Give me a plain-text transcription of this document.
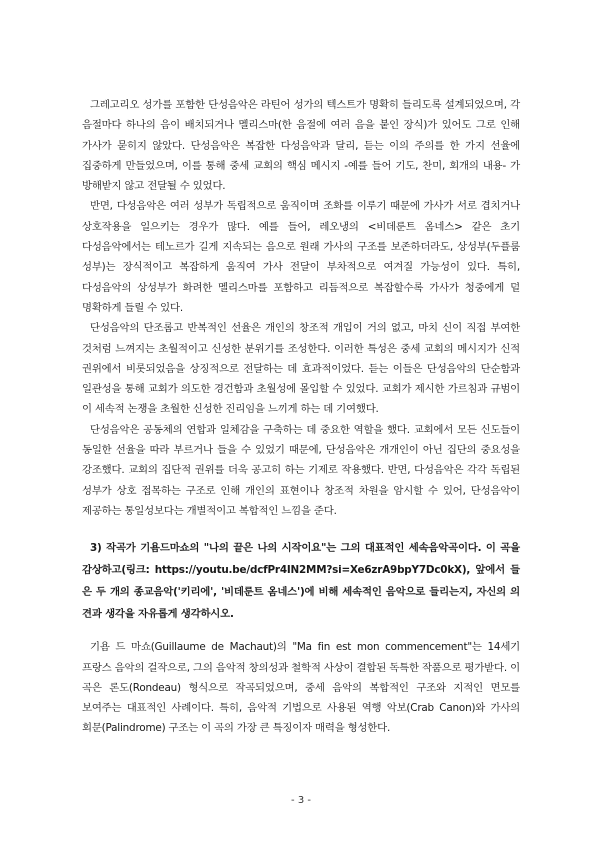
그레고리오 성가를 포함한 단성음악은 라틴어 성가의 텍스트가 명확히 들리도록 설계되었으며, 각 음절마다 하나의 음이 배치되거나 멜리스마(한 음절에 여러 음을 붙인 장식)가 있어도 그로 인해 가사가 묻히지 않았다. 단성음악은 복잡한 다성음악과 달리, 듣는 이의 주의를 한 가지 선율에 집중하게 만들었으며, 이를 통해 중세 교회의 핵심 메시지 -예를 들어 기도, 찬미, 회개의 내용- 가 방해받지 않고 전달될 수 있었다.

반면, 다성음악은 여러 성부가 독립적으로 움직이며 조화를 이루기 때문에 가사가 서로 겹치거나 상호작용을 일으키는 경우가 많다. 예를 들어, 레오냉의 <비데룬트 옴네스> 같은 초기 다성음악에서는 테노르가 길게 지속되는 음으로 원래 가사의 구조를 보존하더라도, 상성부(두플룸 성부)는 장식적이고 복잡하게 움직여 가사 전달이 부차적으로 여겨질 가능성이 있다. 특히, 다성음악의 상성부가 화려한 멜리스마를 포함하고 리듬적으로 복잡할수록 가사가 청중에게 덜 명확하게 들릴 수 있다.

단성음악의 단조롭고 반복적인 선율은 개인의 창조적 개입이 거의 없고, 마치 신이 직접 부여한 것처럼 느껴지는 초월적이고 신성한 분위기를 조성한다. 이러한 특성은 중세 교회의 메시지가 신적 권위에서 비롯되었음을 상징적으로 전달하는 데 효과적이었다. 듣는 이들은 단성음악의 단순함과 일관성을 통해 교회가 의도한 경건함과 초월성에 몰입할 수 있었다. 교회가 제시한 가르침과 규범이 이 세속적 논쟁을 초월한 신성한 진리임을 느끼게 하는 데 기여했다.

단성음악은 공동체의 연합과 일체감을 구축하는 데 중요한 역할을 했다. 교회에서 모든 신도들이 동일한 선율을 따라 부르거나 들을 수 있었기 때문에, 단성음악은 개개인이 아닌 집단의 중요성을 강조했다. 교회의 집단적 권위를 더욱 공고히 하는 기제로 작용했다. 반면, 다성음악은 각각 독립된 성부가 상호 접목하는 구조로 인해 개인의 표현이나 창조적 차원을 암시할 수 있어, 단성음악이 제공하는 통일성보다는 개별적이고 복합적인 느낌을 준다.

3) 작곡가 기욤드마쇼의 "나의 끝은 나의 시작이요"는 그의 대표적인 세속음악곡이다. 이 곡을 감상하고(링크: https://youtu.be/dcfPr4IN2MM?si=Xe6zrA9bpY7Dc0kX), 앞에서 들은 두 개의 종교음악('키리에', '비데룬트 옴네스')에 비해 세속적인 음악으로 들리는지, 자신의 의견과 생각을 자유롭게 생각하시오.

기욤 드 마쇼(Guillaume de Machaut)의 "Ma fin est mon commencement"는 14세기 프랑스 음악의 걸작으로, 그의 음악적 창의성과 철학적 사상이 결합된 독특한 작품으로 평가받다. 이 곡은 론도(Rondeau) 형식으로 작곡되었으며, 중세 음악의 복합적인 구조와 지적인 면모를 보여주는 대표적인 사례이다. 특히, 음악적 기법으로 사용된 역행 악보(Crab Canon)와 가사의 회문(Palindrome) 구조는 이 곡의 가장 큰 특징이자 매력을 형성한다.

- 3 -
